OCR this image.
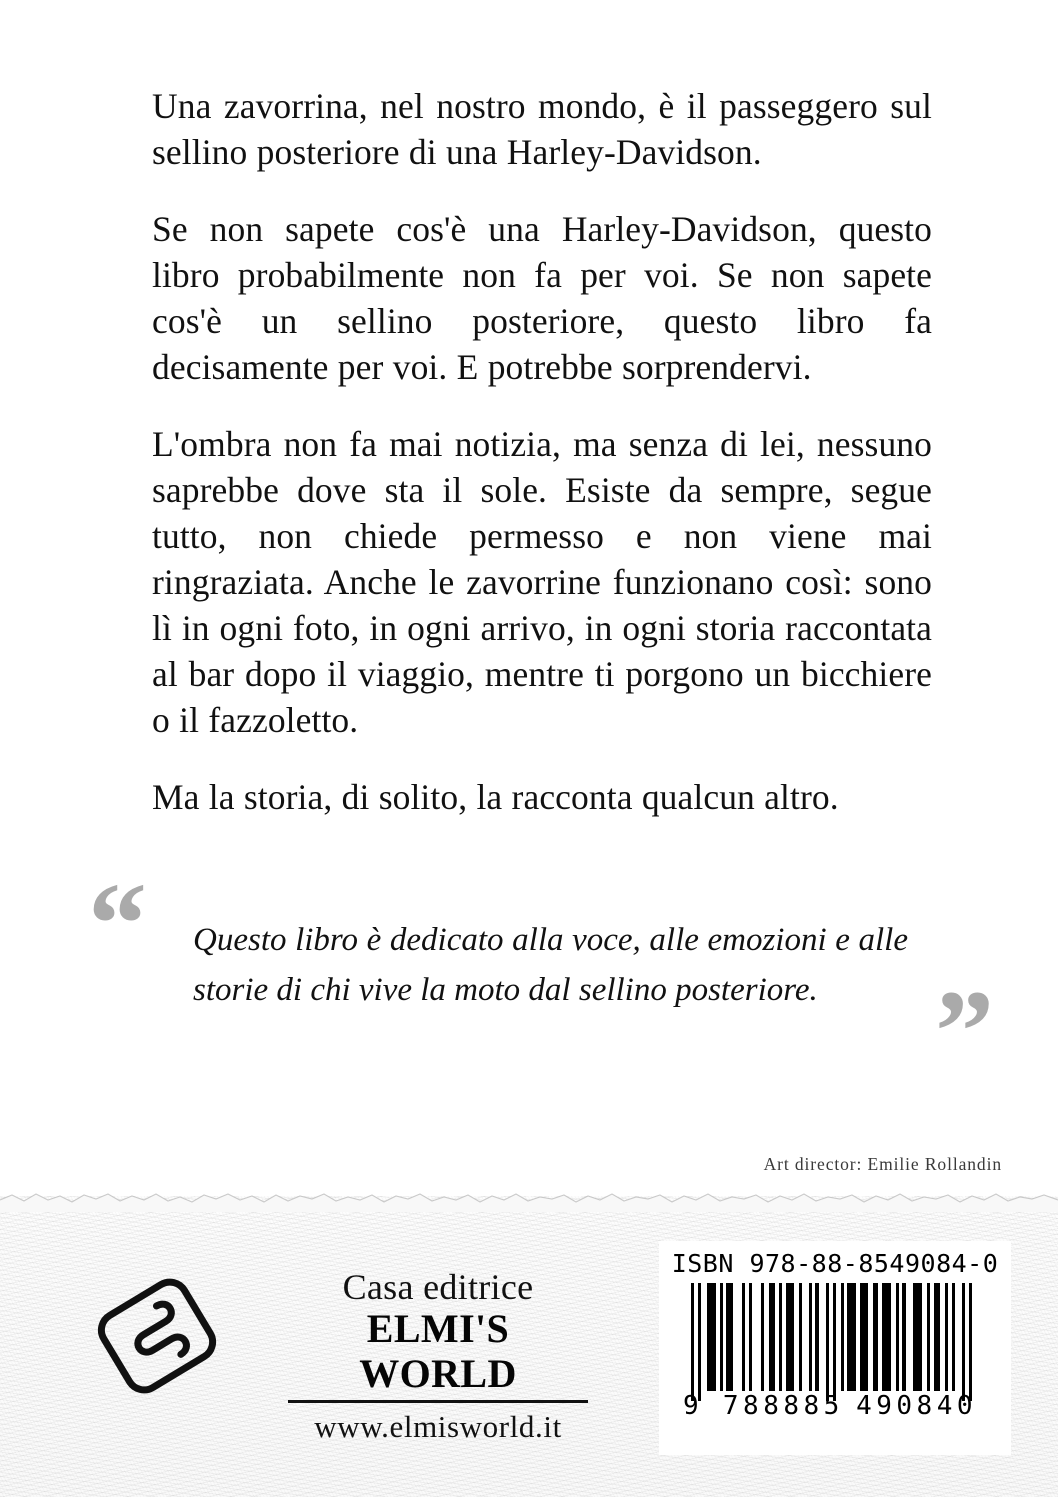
Una zavorrina, nel nostro mondo, è il passeggero sul sellino posteriore di una Harley-Davidson.

Se non sapete cos'è una Harley-Davidson, questo libro probabilmente non fa per voi. Se non sapete cos'è un sellino posteriore, questo libro fa decisamente per voi. E potrebbe sorprendervi.

L'ombra non fa mai notizia, ma senza di lei, nessuno saprebbe dove sta il sole. Esiste da sempre, segue tutto, non chiede permesso e non viene mai ringraziata. Anche le zavorrine funzionano così: sono lì in ogni foto, in ogni arrivo, in ogni storia raccontata al bar dopo il viaggio, mentre ti porgono un bicchiere o il fazzoletto.

Ma la storia, di solito, la racconta qualcun altro.

“ Questo libro è dedicato alla voce, alle emozioni e alle storie di chi vive la moto dal sellino posteriore. ”
Art director: Emilie Rollandin
Casa editrice
ELMI'S WORLD
www.elmisworld.it
ISBN 978-88-8549084-0
9 788885 490840
